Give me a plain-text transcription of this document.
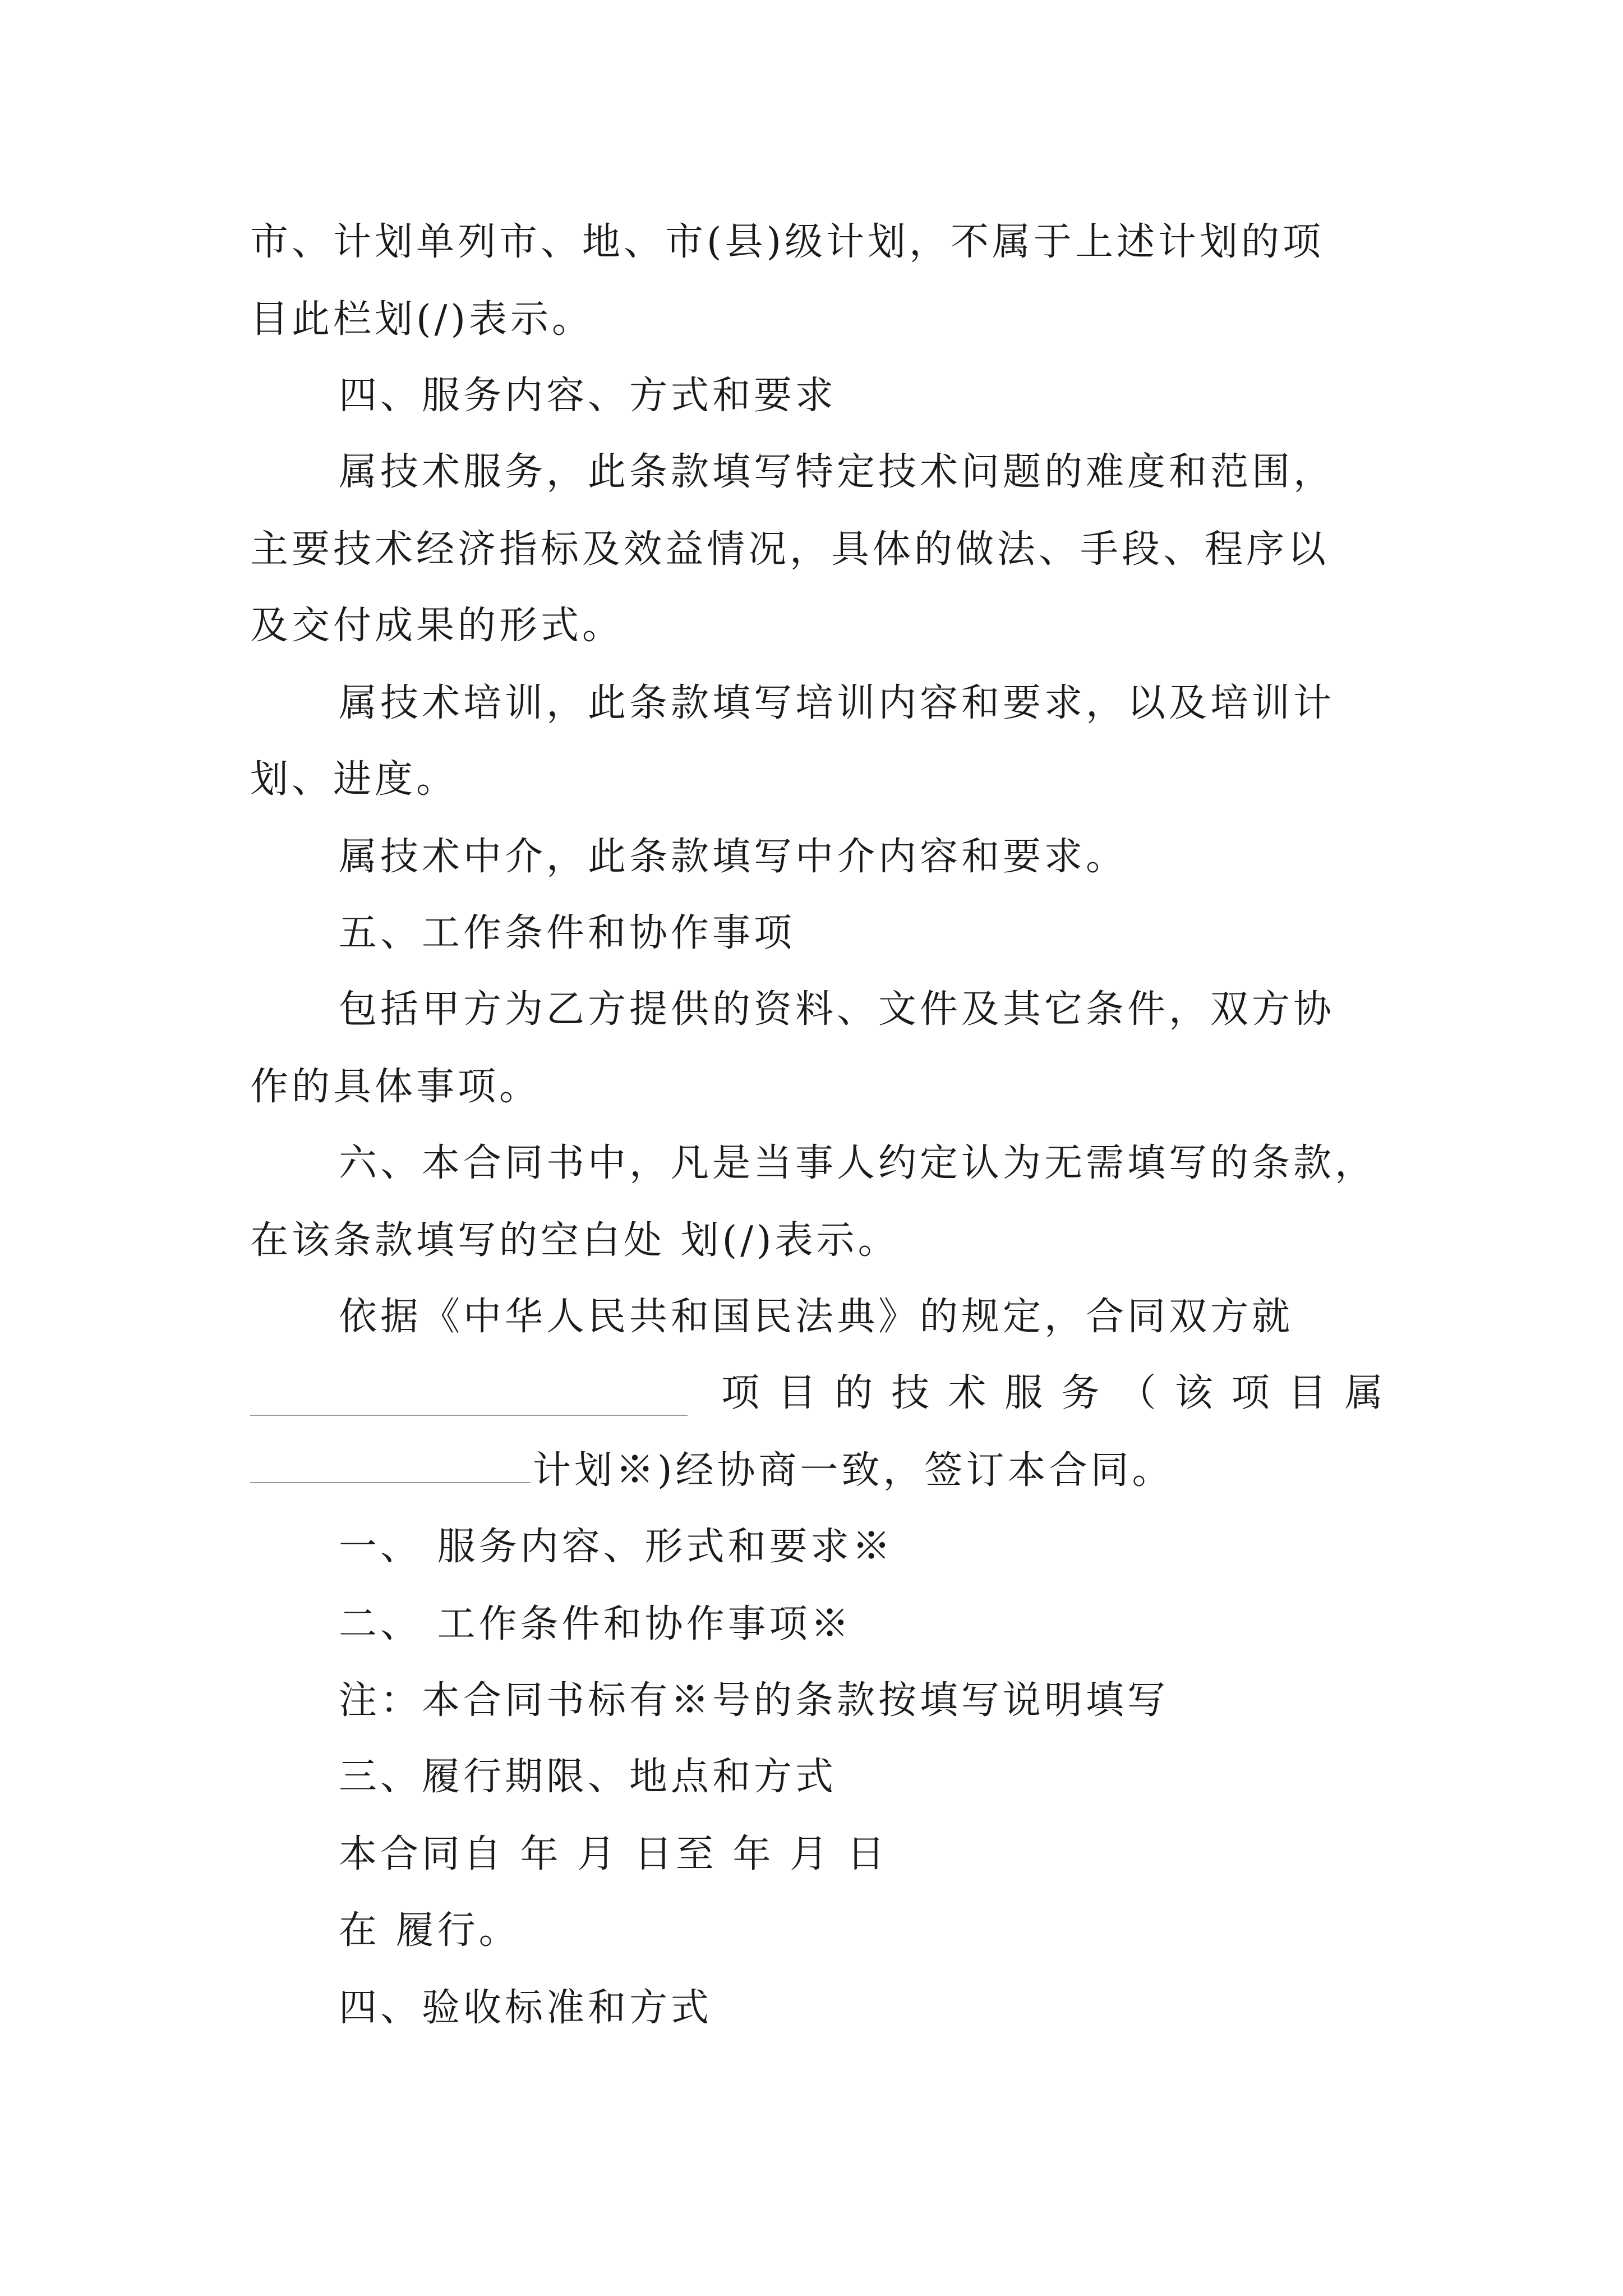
市、计划单列市、地、市(县)级计划，不属于上述计划的项
目此栏划(/)表示。
四、服务内容、方式和要求
属技术服务，此条款填写特定技术问题的难度和范围，
主要技术经济指标及效益情况，具体的做法、手段、程序以
及交付成果的形式。
属技术培训，此条款填写培训内容和要求，以及培训计
划、进度。
属技术中介，此条款填写中介内容和要求。
五、工作条件和协作事项
包括甲方为乙方提供的资料、文件及其它条件，双方协
作的具体事项。
六、本合同书中，凡是当事人约定认为无需填写的条款，
在该条款填写的空白处 划(/)表示。
依据《中华人民共和国民法典》的规定，合同双方就
项 目 的 技 术 服 务 （ 该 项 目 属
计划※)经协商一致，签订本合同。
一、 服务内容、形式和要求※
二、 工作条件和协作事项※
注：本合同书标有※号的条款按填写说明填写
三、履行期限、地点和方式
本合同自 年 月 日至 年 月 日
在 履行。
四、验收标准和方式
